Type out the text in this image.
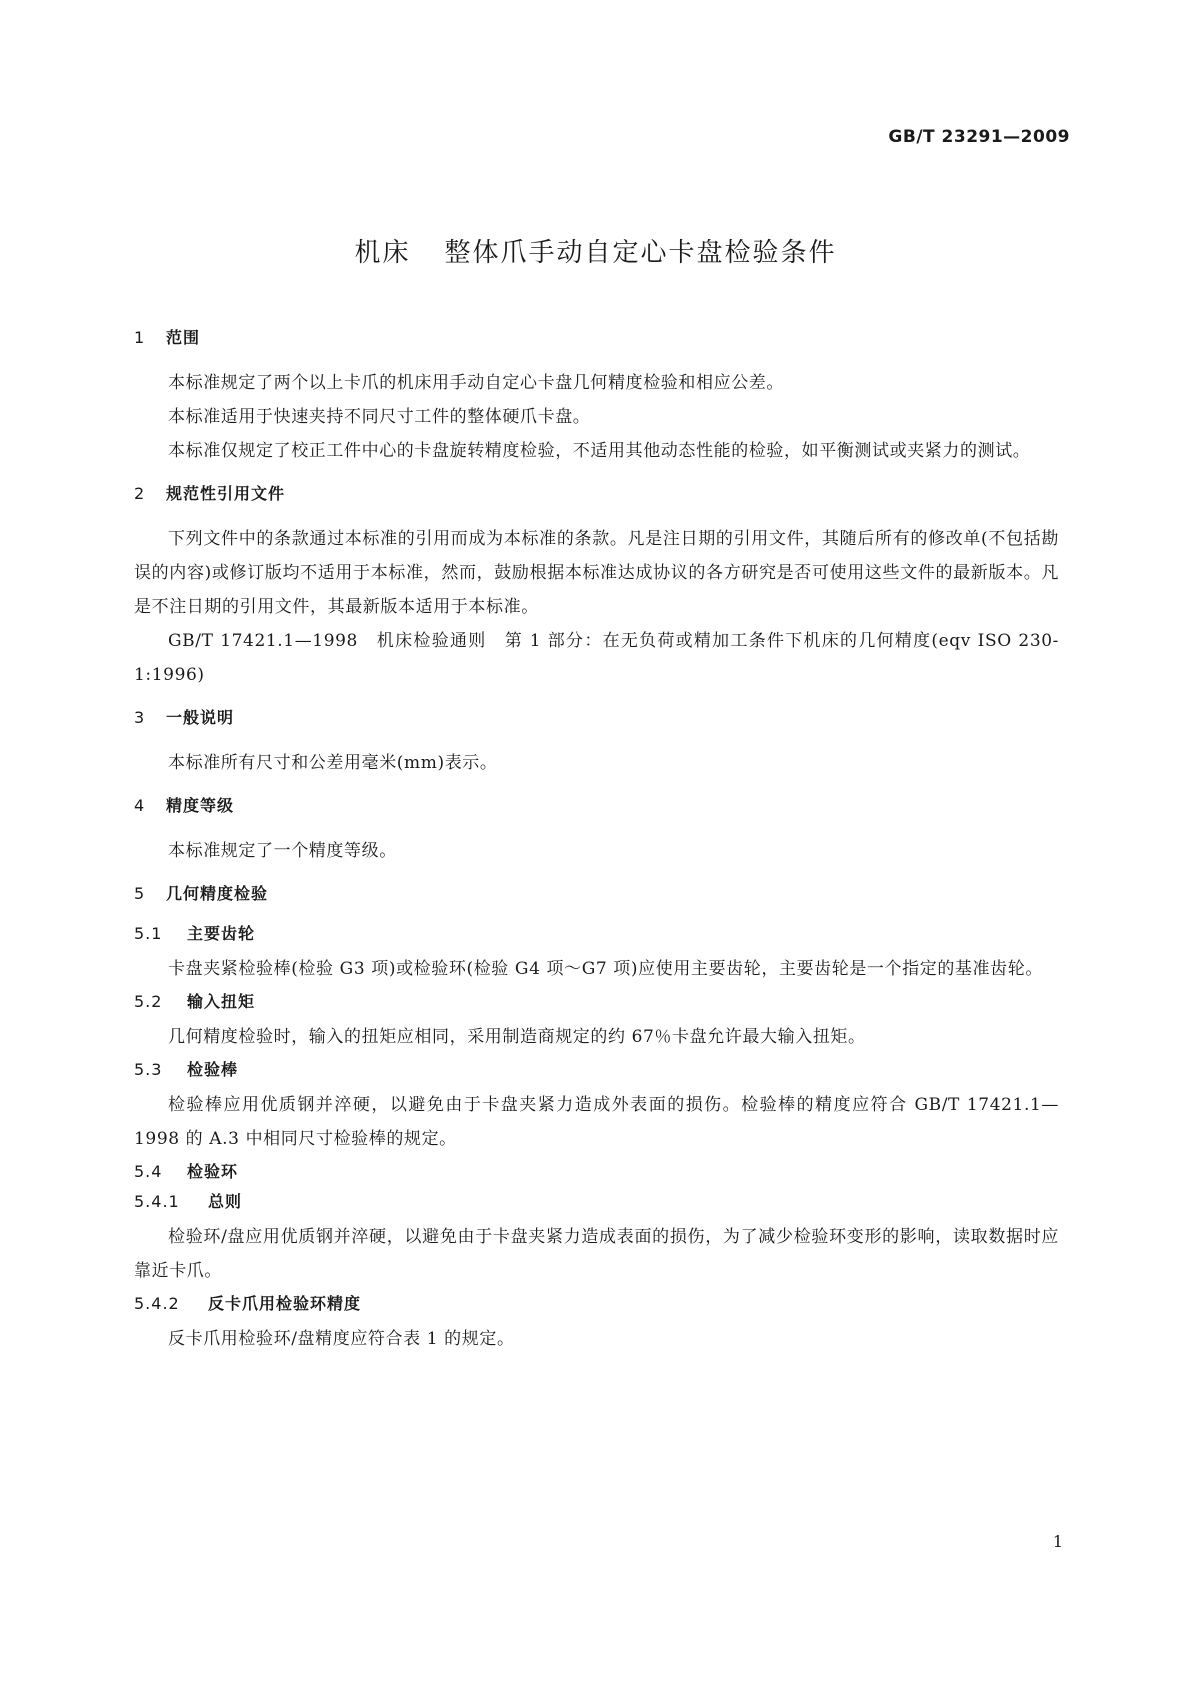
GB/T 23291—2009
机床 整体爪手动自定心卡盘检验条件
1 范围

本标准规定了两个以上卡爪的机床用手动自定心卡盘几何精度检验和相应公差。

本标准适用于快速夹持不同尺寸工件的整体硬爪卡盘。

本标准仅规定了校正工件中心的卡盘旋转精度检验，不适用其他动态性能的检验，如平衡测试或夹紧力的测试。

2 规范性引用文件

下列文件中的条款通过本标准的引用而成为本标准的条款。凡是注日期的引用文件，其随后所有的修改单(不包括勘误的内容)或修订版均不适用于本标准，然而，鼓励根据本标准达成协议的各方研究是否可使用这些文件的最新版本。凡是不注日期的引用文件，其最新版本适用于本标准。

GB/T 17421.1—1998　机床检验通则　第 1 部分：在无负荷或精加工条件下机床的几何精度(eqv ISO 230-1:1996)

3 一般说明

本标准所有尺寸和公差用毫米(mm)表示。

4 精度等级

本标准规定了一个精度等级。

5 几何精度检验
5.1 主要齿轮

卡盘夹紧检验棒(检验 G3 项)或检验环(检验 G4 项～G7 项)应使用主要齿轮，主要齿轮是一个指定的基准齿轮。

5.2 输入扭矩

几何精度检验时，输入的扭矩应相同，采用制造商规定的约 67％卡盘允许最大输入扭矩。

5.3 检验棒

检验棒应用优质钢并淬硬，以避免由于卡盘夹紧力造成外表面的损伤。检验棒的精度应符合 GB/T 17421.1—1998 的 A.3 中相同尺寸检验棒的规定。

5.4 检验环
5.4.1 总则

检验环/盘应用优质钢并淬硬，以避免由于卡盘夹紧力造成表面的损伤，为了减少检验环变形的影响，读取数据时应靠近卡爪。

5.4.2 反卡爪用检验环精度

反卡爪用检验环/盘精度应符合表 1 的规定。

1
